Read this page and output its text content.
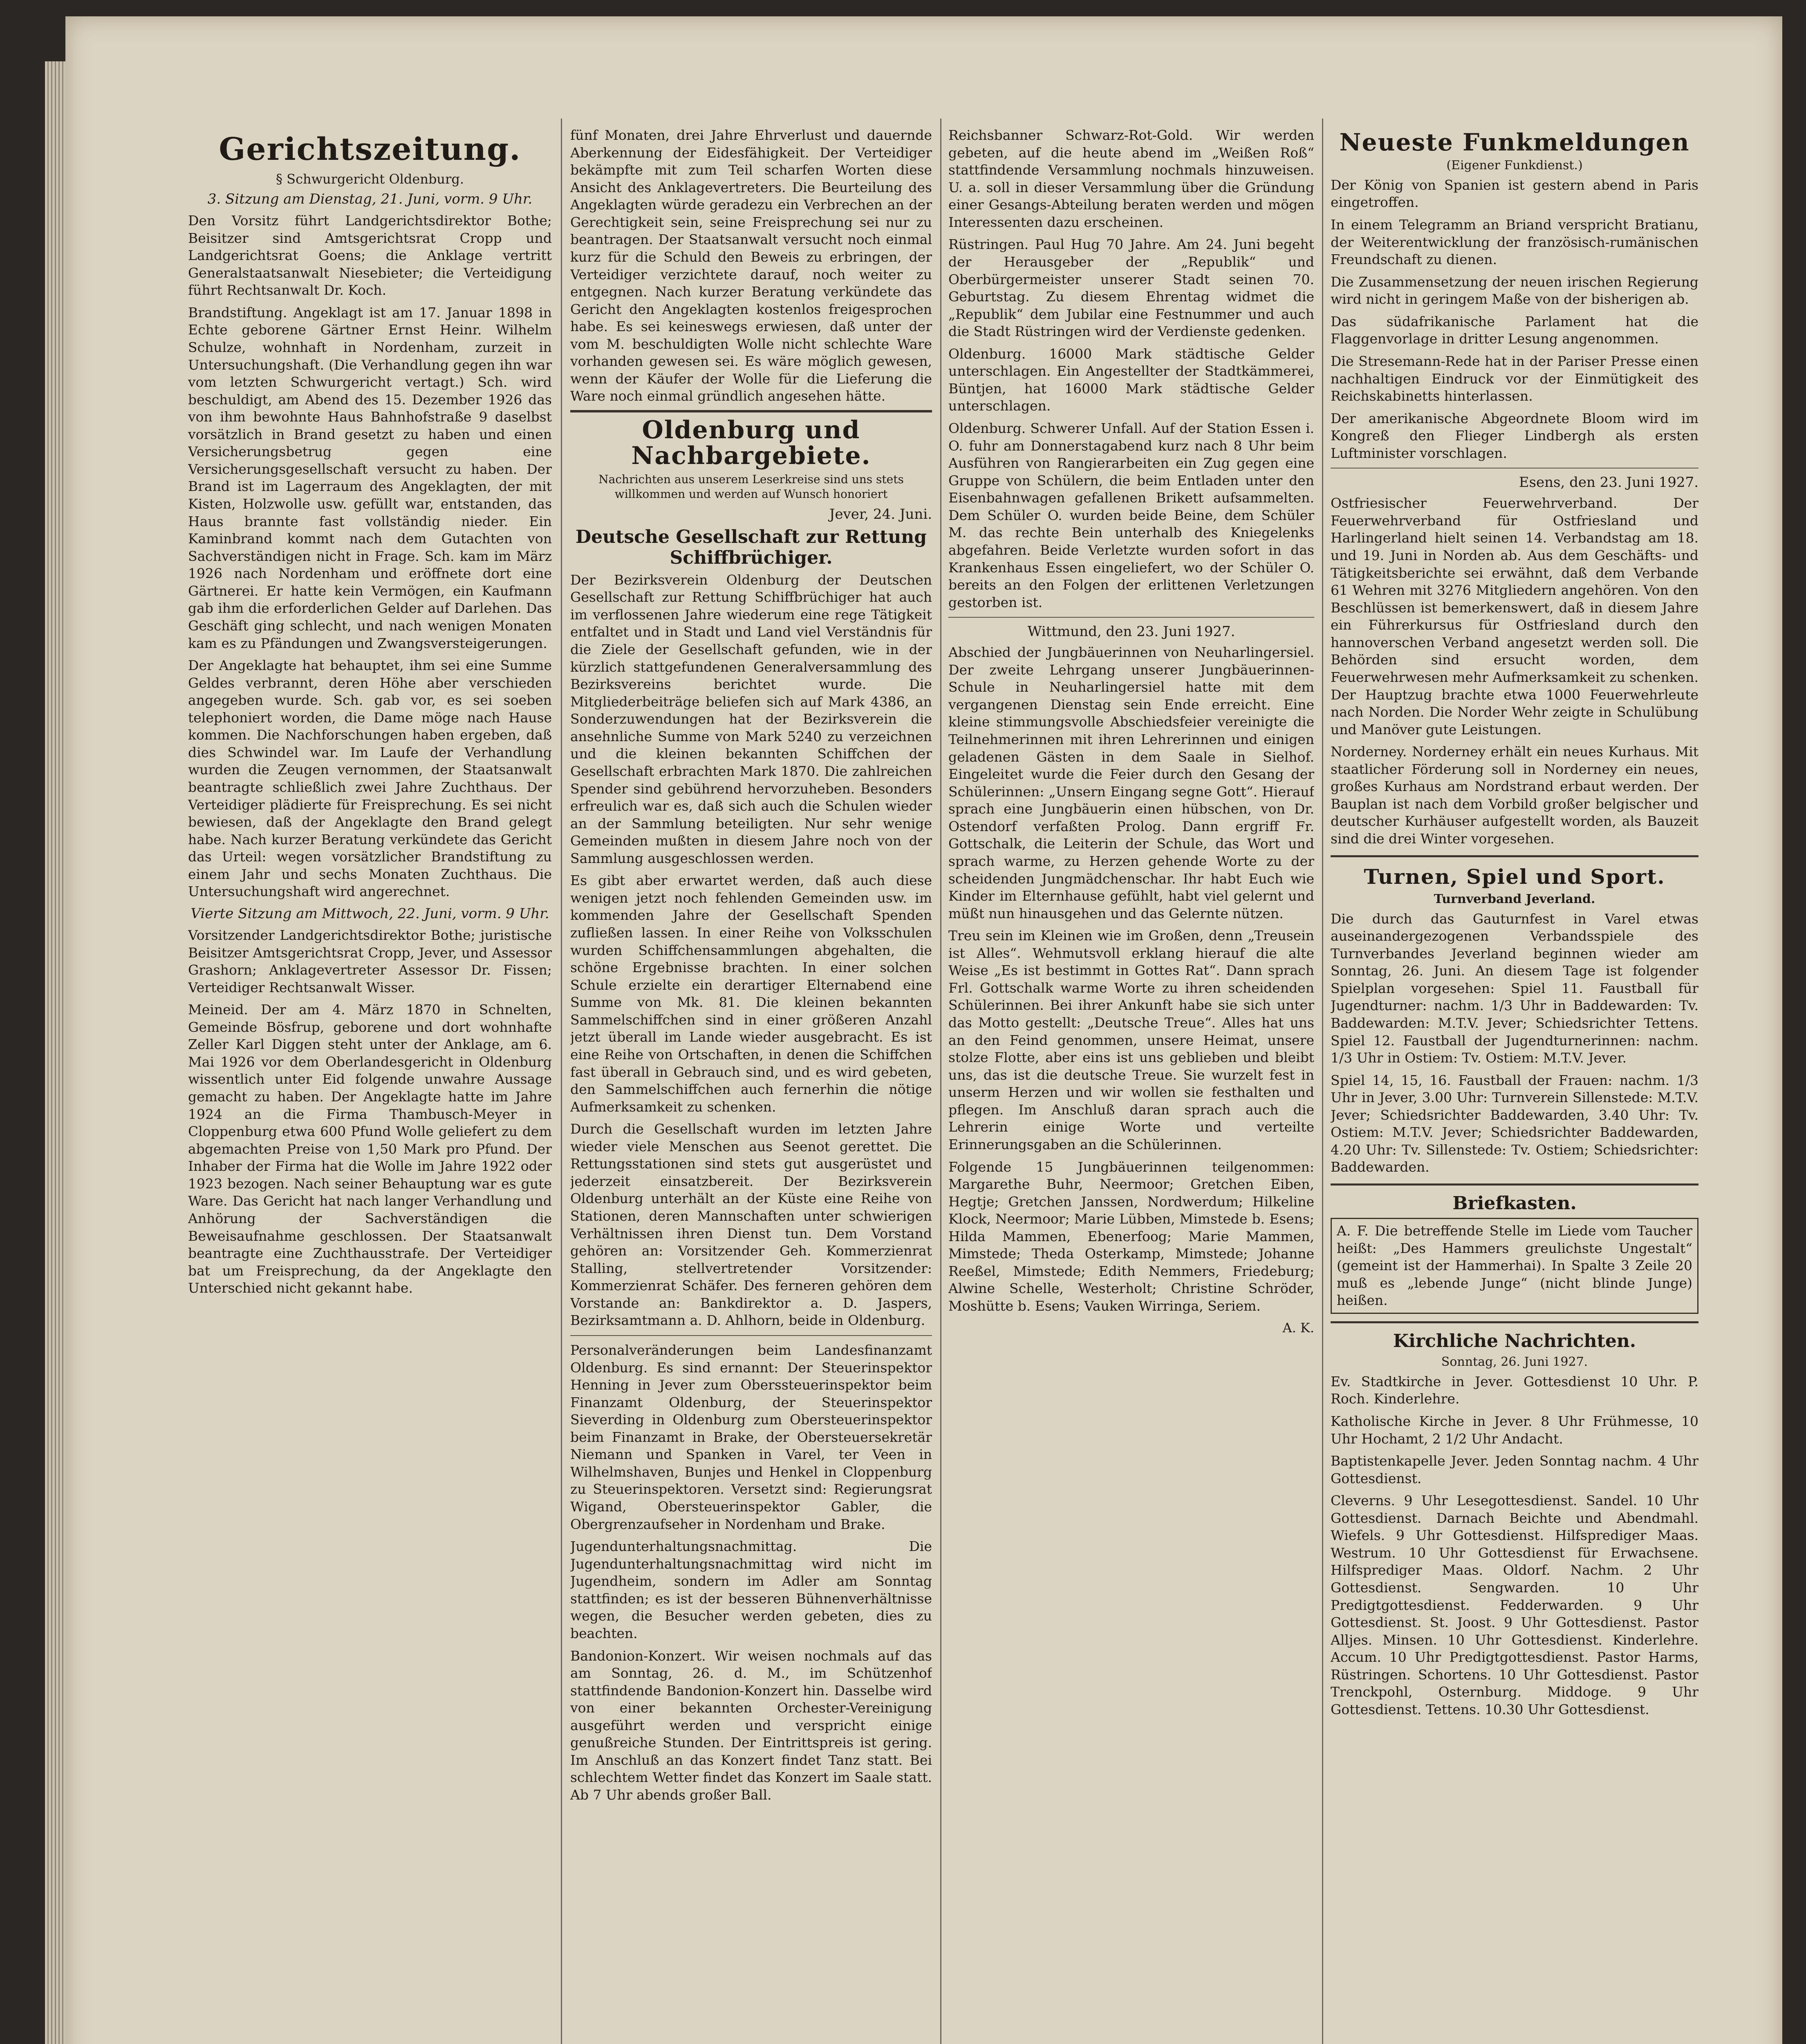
Gerichtszeitung.
§ Schwurgericht Oldenburg.
3. Sitzung am Dienstag, 21. Juni, vorm. 9 Uhr.

Den Vorsitz führt Landgerichtsdirektor Bothe; Beisitzer sind Amtsgerichtsrat Cropp und Landgerichtsrat Goens; die Anklage vertritt Generalstaatsanwalt Niesebieter; die Verteidigung führt Rechtsanwalt Dr. Koch.

Brandstiftung. Angeklagt ist am 17. Januar 1898 in Echte geborene Gärtner Ernst Heinr. Wilhelm Schulze, wohnhaft in Nordenham, zurzeit in Untersuchungshaft. (Die Verhandlung gegen ihn war vom letzten Schwurgericht vertagt.) Sch. wird beschuldigt, am Abend des 15. Dezember 1926 das von ihm bewohnte Haus Bahnhofstraße 9 daselbst vorsätzlich in Brand gesetzt zu haben und einen Versicherungsbetrug gegen eine Versicherungsgesellschaft versucht zu haben. Der Brand ist im Lagerraum des Angeklagten, der mit Kisten, Holzwolle usw. gefüllt war, entstanden, das Haus brannte fast vollständig nieder. Ein Kaminbrand kommt nach dem Gutachten von Sachverständigen nicht in Frage. Sch. kam im März 1926 nach Nordenham und eröffnete dort eine Gärtnerei. Er hatte kein Vermögen, ein Kaufmann gab ihm die erforderlichen Gelder auf Darlehen. Das Geschäft ging schlecht, und nach wenigen Monaten kam es zu Pfändungen und Zwangsversteigerungen.

Der Angeklagte hat behauptet, ihm sei eine Summe Geldes verbrannt, deren Höhe aber verschieden angegeben wurde. Sch. gab vor, es sei soeben telephoniert worden, die Dame möge nach Hause kommen. Die Nachforschungen haben ergeben, daß dies Schwindel war. Im Laufe der Verhandlung wurden die Zeugen vernommen, der Staatsanwalt beantragte schließlich zwei Jahre Zuchthaus. Der Verteidiger plädierte für Freisprechung. Es sei nicht bewiesen, daß der Angeklagte den Brand gelegt habe. Nach kurzer Beratung verkündete das Gericht das Urteil: wegen vorsätzlicher Brandstiftung zu einem Jahr und sechs Monaten Zuchthaus. Die Untersuchungshaft wird angerechnet.

Vierte Sitzung am Mittwoch, 22. Juni, vorm. 9 Uhr.

Vorsitzender Landgerichtsdirektor Bothe; juristische Beisitzer Amtsgerichtsrat Cropp, Jever, und Assessor Grashorn; Anklagevertreter Assessor Dr. Fissen; Verteidiger Rechtsanwalt Wisser.

Meineid. Der am 4. März 1870 in Schnelten, Gemeinde Bösfrup, geborene und dort wohnhafte Zeller Karl Diggen steht unter der Anklage, am 6. Mai 1926 vor dem Oberlandesgericht in Oldenburg wissentlich unter Eid folgende unwahre Aussage gemacht zu haben. Der Angeklagte hatte im Jahre 1924 an die Firma Thambusch-Meyer in Cloppenburg etwa 600 Pfund Wolle geliefert zu dem abgemachten Preise von 1,50 Mark pro Pfund. Der Inhaber der Firma hat die Wolle im Jahre 1922 oder 1923 bezogen. Nach seiner Behauptung war es gute Ware. Das Gericht hat nach langer Verhandlung und Anhörung der Sachverständigen die Beweisaufnahme geschlossen. Der Staatsanwalt beantragte eine Zuchthausstrafe. Der Verteidiger bat um Freisprechung, da der Angeklagte den Unterschied nicht gekannt habe.

fünf Monaten, drei Jahre Ehrverlust und dauernde Aberkennung der Eidesfähigkeit. Der Verteidiger bekämpfte mit zum Teil scharfen Worten diese Ansicht des Anklagevertreters. Die Beurteilung des Angeklagten würde geradezu ein Verbrechen an der Gerechtigkeit sein, seine Freisprechung sei nur zu beantragen. Der Staatsanwalt versucht noch einmal kurz für die Schuld den Beweis zu erbringen, der Verteidiger verzichtete darauf, noch weiter zu entgegnen. Nach kurzer Beratung verkündete das Gericht den Angeklagten kostenlos freigesprochen habe. Es sei keineswegs erwiesen, daß unter der vom M. beschuldigten Wolle nicht schlechte Ware vorhanden gewesen sei. Es wäre möglich gewesen, wenn der Käufer der Wolle für die Lieferung die Ware noch einmal gründlich angesehen hätte.

Oldenburg und Nachbargebiete.
Nachrichten aus unserem Leserkreise sind uns stets willkommen und werden auf Wunsch honoriert
Jever, 24. Juni.
Deutsche Gesellschaft zur Rettung Schiffbrüchiger.

Der Bezirksverein Oldenburg der Deutschen Gesellschaft zur Rettung Schiffbrüchiger hat auch im verflossenen Jahre wiederum eine rege Tätigkeit entfaltet und in Stadt und Land viel Verständnis für die Ziele der Gesellschaft gefunden, wie in der kürzlich stattgefundenen Generalversammlung des Bezirksvereins berichtet wurde. Die Mitgliederbeiträge beliefen sich auf Mark 4386, an Sonderzuwendungen hat der Bezirksverein die ansehnliche Summe von Mark 5240 zu verzeichnen und die kleinen bekannten Schiffchen der Gesellschaft erbrachten Mark 1870. Die zahlreichen Spender sind gebührend hervorzuheben. Besonders erfreulich war es, daß sich auch die Schulen wieder an der Sammlung beteiligten. Nur sehr wenige Gemeinden mußten in diesem Jahre noch von der Sammlung ausgeschlossen werden.

Es gibt aber erwartet werden, daß auch diese wenigen jetzt noch fehlenden Gemeinden usw. im kommenden Jahre der Gesellschaft Spenden zufließen lassen. In einer Reihe von Volksschulen wurden Schiffchensammlungen abgehalten, die schöne Ergebnisse brachten. In einer solchen Schule erzielte ein derartiger Elternabend eine Summe von Mk. 81. Die kleinen bekannten Sammelschiffchen sind in einer größeren Anzahl jetzt überall im Lande wieder ausgebracht. Es ist eine Reihe von Ortschaften, in denen die Schiffchen fast überall in Gebrauch sind, und es wird gebeten, den Sammelschiffchen auch fernerhin die nötige Aufmerksamkeit zu schenken.

Durch die Gesellschaft wurden im letzten Jahre wieder viele Menschen aus Seenot gerettet. Die Rettungsstationen sind stets gut ausgerüstet und jederzeit einsatzbereit. Der Bezirksverein Oldenburg unterhält an der Küste eine Reihe von Stationen, deren Mannschaften unter schwierigen Verhältnissen ihren Dienst tun. Dem Vorstand gehören an: Vorsitzender Geh. Kommerzienrat Stalling, stellvertretender Vorsitzender: Kommerzienrat Schäfer. Des ferneren gehören dem Vorstande an: Bankdirektor a. D. Jaspers, Bezirksamtmann a. D. Ahlhorn, beide in Oldenburg.

Personalveränderungen beim Landesfinanzamt Oldenburg. Es sind ernannt: Der Steuerinspektor Henning in Jever zum Oberssteuerinspektor beim Finanzamt Oldenburg, der Steuerinspektor Sieverding in Oldenburg zum Obersteuerinspektor beim Finanzamt in Brake, der Obersteuersekretär Niemann und Spanken in Varel, ter Veen in Wilhelmshaven, Bunjes und Henkel in Cloppenburg zu Steuerinspektoren. Versetzt sind: Regierungsrat Wigand, Obersteuerinspektor Gabler, die Obergrenzaufseher in Nordenham und Brake.

Jugendunterhaltungsnachmittag. Die Jugendunterhaltungsnachmittag wird nicht im Jugendheim, sondern im Adler am Sonntag stattfinden; es ist der besseren Bühnenverhältnisse wegen, die Besucher werden gebeten, dies zu beachten.

Bandonion-Konzert. Wir weisen nochmals auf das am Sonntag, 26. d. M., im Schützenhof stattfindende Bandonion-Konzert hin. Dasselbe wird von einer bekannten Orchester-Vereinigung ausgeführt werden und verspricht einige genußreiche Stunden. Der Eintrittspreis ist gering. Im Anschluß an das Konzert findet Tanz statt. Bei schlechtem Wetter findet das Konzert im Saale statt. Ab 7 Uhr abends großer Ball.

Reichsbanner Schwarz-Rot-Gold. Wir werden gebeten, auf die heute abend im „Weißen Roß“ stattfindende Versammlung nochmals hinzuweisen. U. a. soll in dieser Versammlung über die Gründung einer Gesangs-Abteilung beraten werden und mögen Interessenten dazu erscheinen.

Rüstringen. Paul Hug 70 Jahre. Am 24. Juni begeht der Herausgeber der „Republik“ und Oberbürgermeister unserer Stadt seinen 70. Geburtstag. Zu diesem Ehrentag widmet die „Republik“ dem Jubilar eine Festnummer und auch die Stadt Rüstringen wird der Verdienste gedenken.

Oldenburg. 16000 Mark städtische Gelder unterschlagen. Ein Angestellter der Stadtkämmerei, Büntjen, hat 16000 Mark städtische Gelder unterschlagen.

Oldenburg. Schwerer Unfall. Auf der Station Essen i. O. fuhr am Donnerstagabend kurz nach 8 Uhr beim Ausführen von Rangierarbeiten ein Zug gegen eine Gruppe von Schülern, die beim Entladen unter den Eisenbahnwagen gefallenen Brikett aufsammelten. Dem Schüler O. wurden beide Beine, dem Schüler M. das rechte Bein unterhalb des Kniegelenks abgefahren. Beide Verletzte wurden sofort in das Krankenhaus Essen eingeliefert, wo der Schüler O. bereits an den Folgen der erlittenen Verletzungen gestorben ist.

Wittmund, den 23. Juni 1927.

Abschied der Jungbäuerinnen von Neuharlingersiel. Der zweite Lehrgang unserer Jungbäuerinnen-Schule in Neuharlingersiel hatte mit dem vergangenen Dienstag sein Ende erreicht. Eine kleine stimmungsvolle Abschiedsfeier vereinigte die Teilnehmerinnen mit ihren Lehrerinnen und einigen geladenen Gästen in dem Saale in Sielhof. Eingeleitet wurde die Feier durch den Gesang der Schülerinnen: „Unsern Eingang segne Gott“. Hierauf sprach eine Jungbäuerin einen hübschen, von Dr. Ostendorf verfaßten Prolog. Dann ergriff Fr. Gottschalk, die Leiterin der Schule, das Wort und sprach warme, zu Herzen gehende Worte zu der scheidenden Jungmädchenschar. Ihr habt Euch wie Kinder im Elternhause gefühlt, habt viel gelernt und müßt nun hinausgehen und das Gelernte nützen.

Treu sein im Kleinen wie im Großen, denn „Treusein ist Alles“. Wehmutsvoll erklang hierauf die alte Weise „Es ist bestimmt in Gottes Rat“. Dann sprach Frl. Gottschalk warme Worte zu ihren scheidenden Schülerinnen. Bei ihrer Ankunft habe sie sich unter das Motto gestellt: „Deutsche Treue“. Alles hat uns an den Feind genommen, unsere Heimat, unsere stolze Flotte, aber eins ist uns geblieben und bleibt uns, das ist die deutsche Treue. Sie wurzelt fest in unserm Herzen und wir wollen sie festhalten und pflegen. Im Anschluß daran sprach auch die Lehrerin einige Worte und verteilte Erinnerungsgaben an die Schülerinnen.

Folgende 15 Jungbäuerinnen teilgenommen: Margarethe Buhr, Neermoor; Gretchen Eiben, Hegtje; Gretchen Janssen, Nordwerdum; Hilkeline Klock, Neermoor; Marie Lübben, Mimstede b. Esens; Hilda Mammen, Ebenerfoog; Marie Mammen, Mimstede; Theda Osterkamp, Mimstede; Johanne Reeßel, Mimstede; Edith Nemmers, Friedeburg; Alwine Schelle, Westerholt; Christine Schröder, Moshütte b. Esens; Vauken Wirringa, Seriem.

A. K.
Neueste Funkmeldungen
(Eigener Funkdienst.)

Der König von Spanien ist gestern abend in Paris eingetroffen.

In einem Telegramm an Briand verspricht Bratianu, der Weiterentwicklung der französisch-rumänischen Freundschaft zu dienen.

Die Zusammensetzung der neuen irischen Regierung wird nicht in geringem Maße von der bisherigen ab.

Das südafrikanische Parlament hat die Flaggenvorlage in dritter Lesung angenommen.

Die Stresemann-Rede hat in der Pariser Presse einen nachhaltigen Eindruck vor der Einmütigkeit des Reichskabinetts hinterlassen.

Der amerikanische Abgeordnete Bloom wird im Kongreß den Flieger Lindbergh als ersten Luftminister vorschlagen.

Esens, den 23. Juni 1927.

Ostfriesischer Feuerwehrverband. Der Feuerwehrverband für Ostfriesland und Harlingerland hielt seinen 14. Verbandstag am 18. und 19. Juni in Norden ab. Aus dem Geschäfts- und Tätigkeitsberichte sei erwähnt, daß dem Verbande 61 Wehren mit 3276 Mitgliedern angehören. Von den Beschlüssen ist bemerkenswert, daß in diesem Jahre ein Führerkursus für Ostfriesland durch den hannoverschen Verband angesetzt werden soll. Die Behörden sind ersucht worden, dem Feuerwehrwesen mehr Aufmerksamkeit zu schenken. Der Hauptzug brachte etwa 1000 Feuerwehrleute nach Norden. Die Norder Wehr zeigte in Schulübung und Manöver gute Leistungen.

Norderney. Norderney erhält ein neues Kurhaus. Mit staatlicher Förderung soll in Norderney ein neues, großes Kurhaus am Nordstrand erbaut werden. Der Bauplan ist nach dem Vorbild großer belgischer und deutscher Kurhäuser aufgestellt worden, als Bauzeit sind die drei Winter vorgesehen.

Turnen, Spiel und Sport.
Turnverband Jeverland.

Die durch das Gauturnfest in Varel etwas auseinandergezogenen Verbandsspiele des Turnverbandes Jeverland beginnen wieder am Sonntag, 26. Juni. An diesem Tage ist folgender Spielplan vorgesehen: Spiel 11. Faustball für Jugendturner: nachm. 1/3 Uhr in Baddewarden: Tv. Baddewarden: M.T.V. Jever; Schiedsrichter Tettens. Spiel 12. Faustball der Jugendturnerinnen: nachm. 1/3 Uhr in Ostiem: Tv. Ostiem: M.T.V. Jever.

Spiel 14, 15, 16. Faustball der Frauen: nachm. 1/3 Uhr in Jever, 3.00 Uhr: Turnverein Sillenstede: M.T.V. Jever; Schiedsrichter Baddewarden, 3.40 Uhr: Tv. Ostiem: M.T.V. Jever; Schiedsrichter Baddewarden, 4.20 Uhr: Tv. Sillenstede: Tv. Ostiem; Schiedsrichter: Baddewarden.

Briefkasten.

A. F. Die betreffende Stelle im Liede vom Taucher heißt: „Des Hammers greulichste Ungestalt“ (gemeint ist der Hammerhai). In Spalte 3 Zeile 20 muß es „lebende Junge“ (nicht blinde Junge) heißen.

Kirchliche Nachrichten.
Sonntag, 26. Juni 1927.

Ev. Stadtkirche in Jever. Gottesdienst 10 Uhr. P. Roch. Kinderlehre.

Katholische Kirche in Jever. 8 Uhr Frühmesse, 10 Uhr Hochamt, 2 1/2 Uhr Andacht.

Baptistenkapelle Jever. Jeden Sonntag nachm. 4 Uhr Gottesdienst.

Cleverns. 9 Uhr Lesegottesdienst. Sandel. 10 Uhr Gottesdienst. Darnach Beichte und Abendmahl. Wiefels. 9 Uhr Gottesdienst. Hilfsprediger Maas. Westrum. 10 Uhr Gottesdienst für Erwachsene. Hilfsprediger Maas. Oldorf. Nachm. 2 Uhr Gottesdienst. Sengwarden. 10 Uhr Predigtgottesdienst. Fedderwarden. 9 Uhr Gottesdienst. St. Joost. 9 Uhr Gottesdienst. Pastor Alljes. Minsen. 10 Uhr Gottesdienst. Kinderlehre. Accum. 10 Uhr Predigtgottesdienst. Pastor Harms, Rüstringen. Schortens. 10 Uhr Gottesdienst. Pastor Trenckpohl, Osternburg. Middoge. 9 Uhr Gottesdienst. Tettens. 10.30 Uhr Gottesdienst.
